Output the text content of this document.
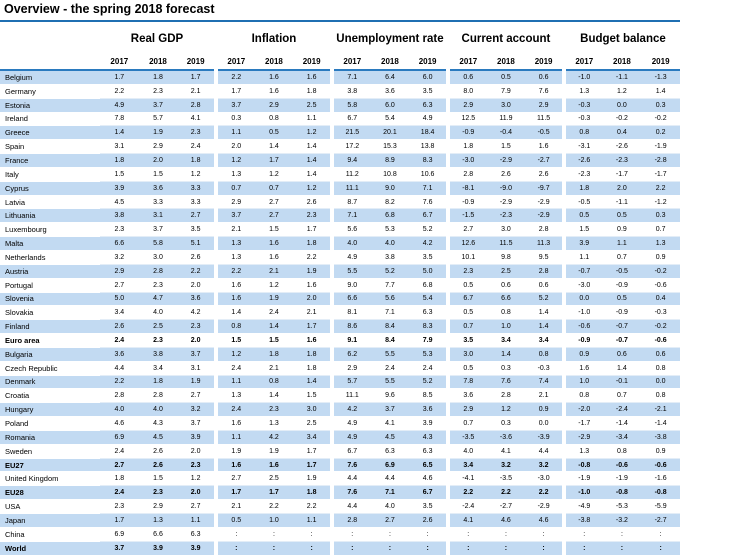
Overview - the spring 2018 forecast
	Real GDP			Inflation			Unemployment rate			Current account			Budget balance		
	2017	2018	2019	2017	2018	2019	2017	2018	2019	2017	2018	2019	2017	2018	2019
Belgium	1.7	1.8	1.7	2.2	1.6	1.6	7.1	6.4	6.0	0.6	0.5	0.6	-1.0	-1.1	-1.3
Germany	2.2	2.3	2.1	1.7	1.6	1.8	3.8	3.6	3.5	8.0	7.9	7.6	1.3	1.2	1.4
Estonia	4.9	3.7	2.8	3.7	2.9	2.5	5.8	6.0	6.3	2.9	3.0	2.9	-0.3	0.0	0.3
Ireland	7.8	5.7	4.1	0.3	0.8	1.1	6.7	5.4	4.9	12.5	11.9	11.5	-0.3	-0.2	-0.2
Greece	1.4	1.9	2.3	1.1	0.5	1.2	21.5	20.1	18.4	-0.9	-0.4	-0.5	0.8	0.4	0.2
Spain	3.1	2.9	2.4	2.0	1.4	1.4	17.2	15.3	13.8	1.8	1.5	1.6	-3.1	-2.6	-1.9
France	1.8	2.0	1.8	1.2	1.7	1.4	9.4	8.9	8.3	-3.0	-2.9	-2.7	-2.6	-2.3	-2.8
Italy	1.5	1.5	1.2	1.3	1.2	1.4	11.2	10.8	10.6	2.8	2.6	2.6	-2.3	-1.7	-1.7
Cyprus	3.9	3.6	3.3	0.7	0.7	1.2	11.1	9.0	7.1	-8.1	-9.0	-9.7	1.8	2.0	2.2
Latvia	4.5	3.3	3.3	2.9	2.7	2.6	8.7	8.2	7.6	-0.9	-2.9	-2.9	-0.5	-1.1	-1.2
Lithuania	3.8	3.1	2.7	3.7	2.7	2.3	7.1	6.8	6.7	-1.5	-2.3	-2.9	0.5	0.5	0.3
Luxembourg	2.3	3.7	3.5	2.1	1.5	1.7	5.6	5.3	5.2	2.7	3.0	2.8	1.5	0.9	0.7
Malta	6.6	5.8	5.1	1.3	1.6	1.8	4.0	4.0	4.2	12.6	11.5	11.3	3.9	1.1	1.3
Netherlands	3.2	3.0	2.6	1.3	1.6	2.2	4.9	3.8	3.5	10.1	9.8	9.5	1.1	0.7	0.9
Austria	2.9	2.8	2.2	2.2	2.1	1.9	5.5	5.2	5.0	2.3	2.5	2.8	-0.7	-0.5	-0.2
Portugal	2.7	2.3	2.0	1.6	1.2	1.6	9.0	7.7	6.8	0.5	0.6	0.6	-3.0	-0.9	-0.6
Slovenia	5.0	4.7	3.6	1.6	1.9	2.0	6.6	5.6	5.4	6.7	6.6	5.2	0.0	0.5	0.4
Slovakia	3.4	4.0	4.2	1.4	2.4	2.1	8.1	7.1	6.3	0.5	0.8	1.4	-1.0	-0.9	-0.3
Finland	2.6	2.5	2.3	0.8	1.4	1.7	8.6	8.4	8.3	0.7	1.0	1.4	-0.6	-0.7	-0.2
Euro area	2.4	2.3	2.0	1.5	1.5	1.6	9.1	8.4	7.9	3.5	3.4	3.4	-0.9	-0.7	-0.6
Bulgaria	3.6	3.8	3.7	1.2	1.8	1.8	6.2	5.5	5.3	3.0	1.4	0.8	0.9	0.6	0.6
Czech Republic	4.4	3.4	3.1	2.4	2.1	1.8	2.9	2.4	2.4	0.5	0.3	-0.3	1.6	1.4	0.8
Denmark	2.2	1.8	1.9	1.1	0.8	1.4	5.7	5.5	5.2	7.8	7.6	7.4	1.0	-0.1	0.0
Croatia	2.8	2.8	2.7	1.3	1.4	1.5	11.1	9.6	8.5	3.6	2.8	2.1	0.8	0.7	0.8
Hungary	4.0	4.0	3.2	2.4	2.3	3.0	4.2	3.7	3.6	2.9	1.2	0.9	-2.0	-2.4	-2.1
Poland	4.6	4.3	3.7	1.6	1.3	2.5	4.9	4.1	3.9	0.7	0.3	0.0	-1.7	-1.4	-1.4
Romania	6.9	4.5	3.9	1.1	4.2	3.4	4.9	4.5	4.3	-3.5	-3.6	-3.9	-2.9	-3.4	-3.8
Sweden	2.4	2.6	2.0	1.9	1.9	1.7	6.7	6.3	6.3	4.0	4.1	4.4	1.3	0.8	0.9
EU27	2.7	2.6	2.3	1.6	1.6	1.7	7.6	6.9	6.5	3.4	3.2	3.2	-0.8	-0.6	-0.6
United Kingdom	1.8	1.5	1.2	2.7	2.5	1.9	4.4	4.4	4.6	-4.1	-3.5	-3.0	-1.9	-1.9	-1.6
EU28	2.4	2.3	2.0	1.7	1.7	1.8	7.6	7.1	6.7	2.2	2.2	2.2	-1.0	-0.8	-0.8
USA	2.3	2.9	2.7	2.1	2.2	2.2	4.4	4.0	3.5	-2.4	-2.7	-2.9	-4.9	-5.3	-5.9
Japan	1.7	1.3	1.1	0.5	1.0	1.1	2.8	2.7	2.6	4.1	4.6	4.6	-3.8	-3.2	-2.7
China	6.9	6.6	6.3	:	:	:	:	:	:	:	:	:	:	:	:
World	3.7	3.9	3.9	:	:	:	:	:	:	:	:	:	:	:	:
